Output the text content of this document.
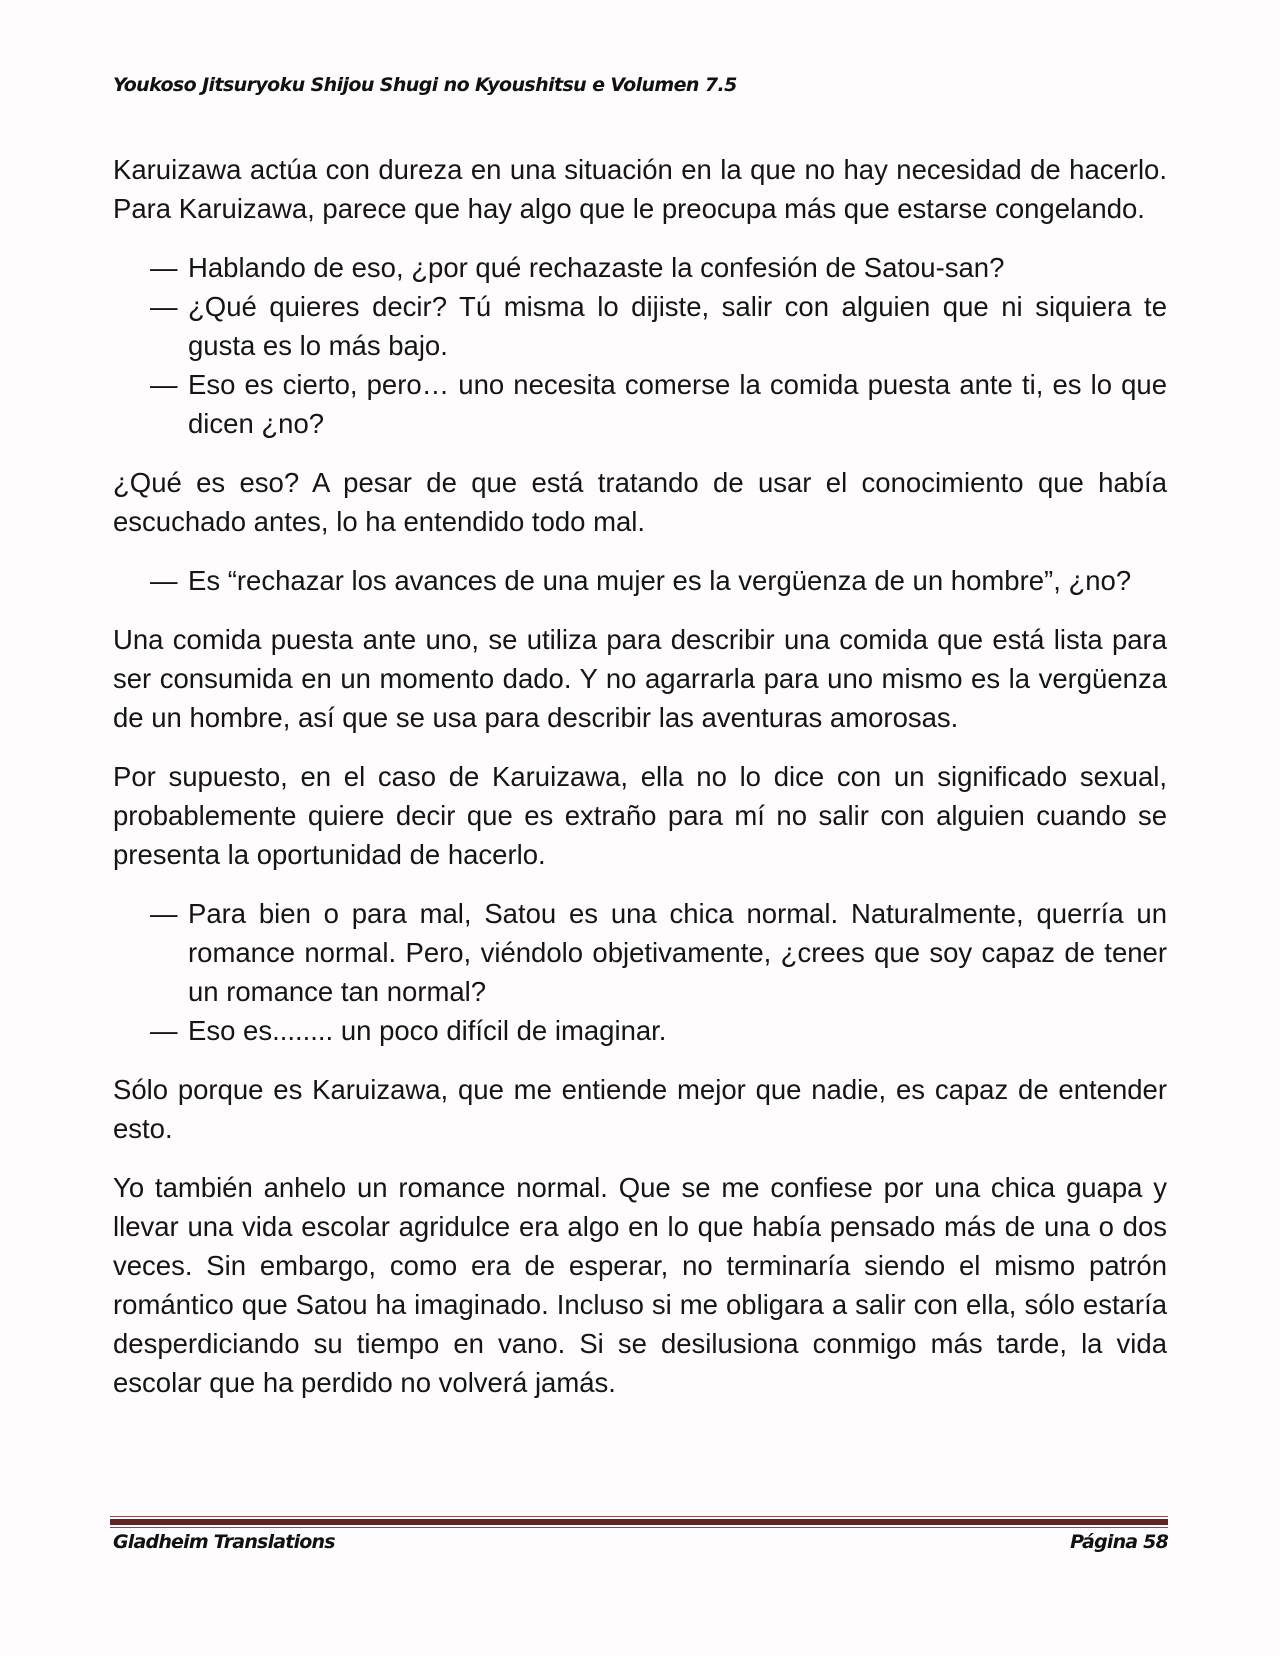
Youkoso Jitsuryoku Shijou Shugi no Kyoushitsu e Volumen 7.5

Karuizawa actúa con dureza en una situación en la que no hay necesidad de hacerlo. Para Karuizawa, parece que hay algo que le preocupa más que estarse congelando.

— Hablando de eso, ¿por qué rechazaste la confesión de Satou-san?
— ¿Qué quieres decir? Tú misma lo dijiste, salir con alguien que ni siquiera te gusta es lo más bajo.
— Eso es cierto, pero… uno necesita comerse la comida puesta ante ti, es lo que dicen ¿no?

¿Qué es eso? A pesar de que está tratando de usar el conocimiento que había escuchado antes, lo ha entendido todo mal.

— Es “rechazar los avances de una mujer es la vergüenza de un hombre”, ¿no?

Una comida puesta ante uno, se utiliza para describir una comida que está lista para ser consumida en un momento dado. Y no agarrarla para uno mismo es la vergüenza de un hombre, así que se usa para describir las aventuras amorosas.

Por supuesto, en el caso de Karuizawa, ella no lo dice con un significado sexual, probablemente quiere decir que es extraño para mí no salir con alguien cuando se presenta la oportunidad de hacerlo.

— Para bien o para mal, Satou es una chica normal. Naturalmente, querría un romance normal. Pero, viéndolo objetivamente, ¿crees que soy capaz de tener un romance tan normal?
— Eso es........ un poco difícil de imaginar.

Sólo porque es Karuizawa, que me entiende mejor que nadie, es capaz de entender esto.

Yo también anhelo un romance normal. Que se me confiese por una chica guapa y llevar una vida escolar agridulce era algo en lo que había pensado más de una o dos veces. Sin embargo, como era de esperar, no terminaría siendo el mismo patrón romántico que Satou ha imaginado. Incluso si me obligara a salir con ella, sólo estaría desperdiciando su tiempo en vano. Si se desilusiona conmigo más tarde, la vida escolar que ha perdido no volverá jamás.

Gladheim Translations	Página 58
